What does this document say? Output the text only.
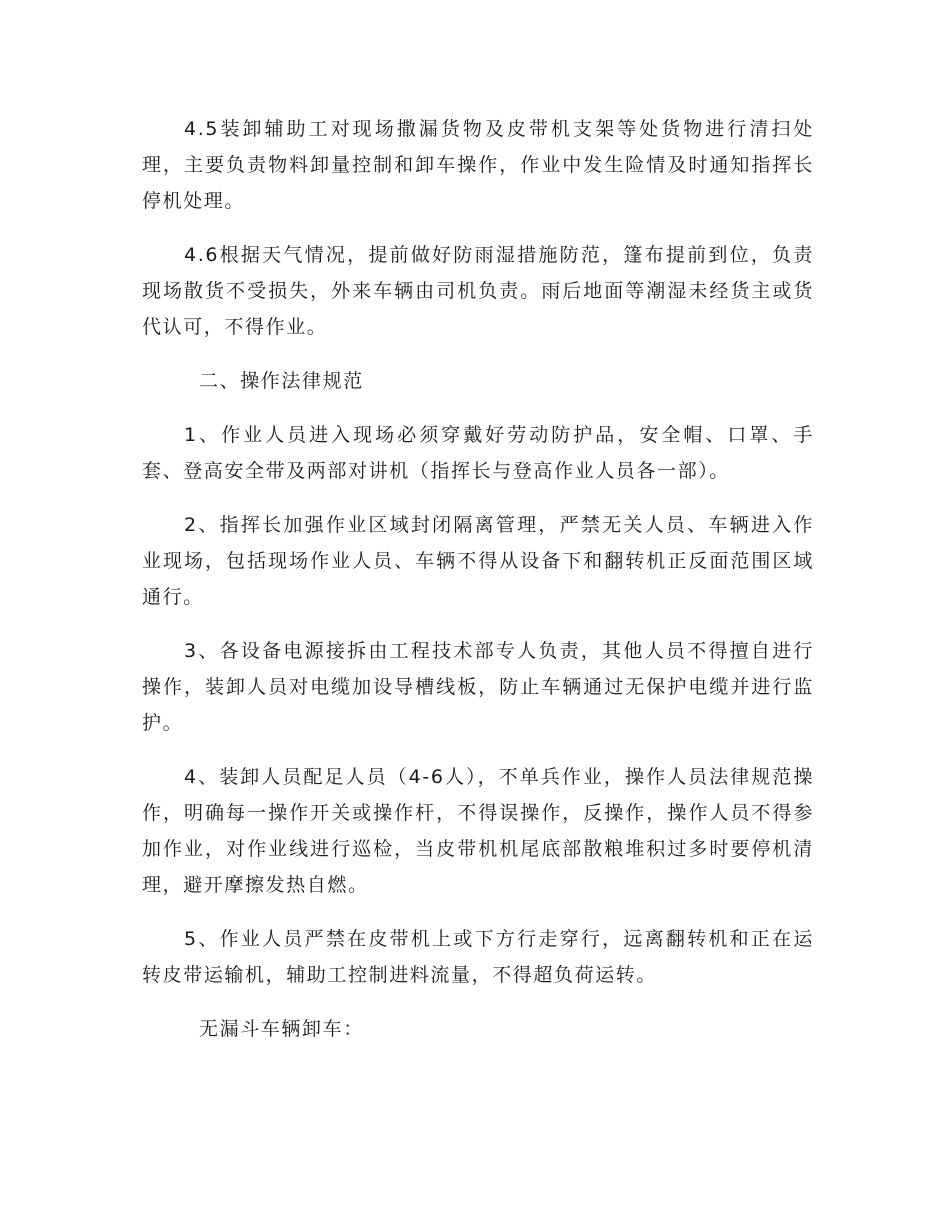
4.5装卸辅助工对现场撒漏货物及皮带机支架等处货物进行清扫处理，主要负责物料卸量控制和卸车操作，作业中发生险情及时通知指挥长停机处理。

4.6根据天气情况，提前做好防雨湿措施防范，篷布提前到位，负责现场散货不受损失，外来车辆由司机负责。雨后地面等潮湿未经货主或货代认可，不得作业。

二、操作法律规范

1、作业人员进入现场必须穿戴好劳动防护品，安全帽、口罩、手套、登高安全带及两部对讲机（指挥长与登高作业人员各一部）。

2、指挥长加强作业区域封闭隔离管理，严禁无关人员、车辆进入作业现场，包括现场作业人员、车辆不得从设备下和翻转机正反面范围区域通行。

3、各设备电源接拆由工程技术部专人负责，其他人员不得擅自进行操作，装卸人员对电缆加设导槽线板，防止车辆通过无保护电缆并进行监护。

4、装卸人员配足人员（4-6人），不单兵作业，操作人员法律规范操作，明确每一操作开关或操作杆，不得误操作，反操作，操作人员不得参加作业，对作业线进行巡检，当皮带机机尾底部散粮堆积过多时要停机清理，避开摩擦发热自燃。

5、作业人员严禁在皮带机上或下方行走穿行，远离翻转机和正在运转皮带运输机，辅助工控制进料流量，不得超负荷运转。

无漏斗车辆卸车：
